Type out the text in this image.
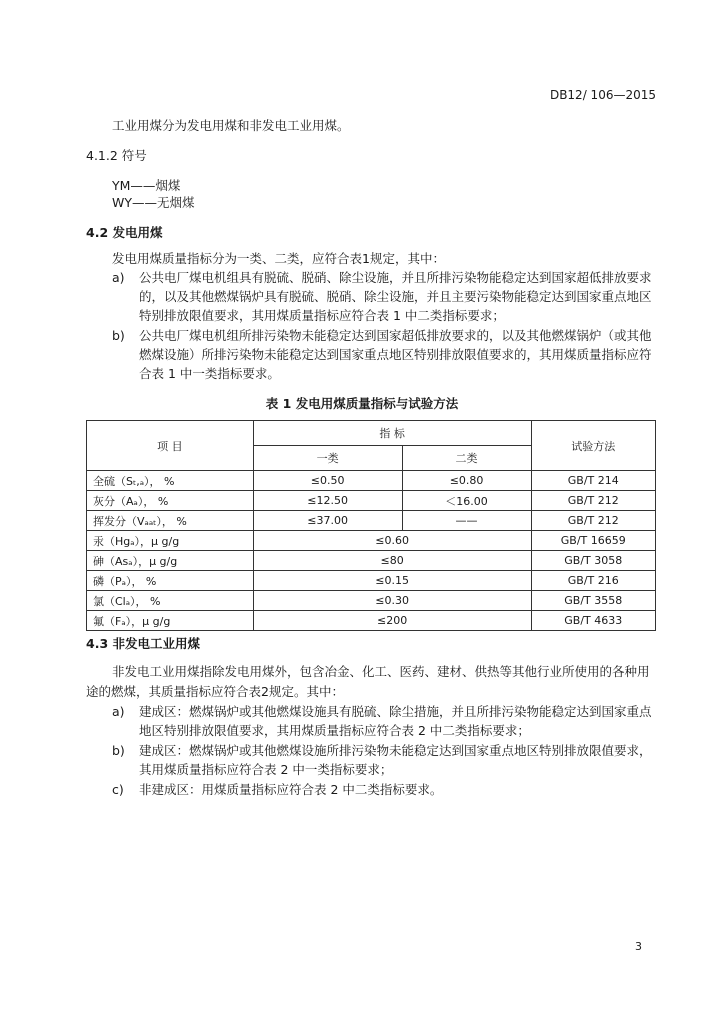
DB12/ 106—2015
工业用煤分为发电用煤和非发电工业用煤。
4.1.2 符号
YM——烟煤
WY——无烟煤
4.2 发电用煤
发电用煤质量指标分为一类、二类，应符合表1规定，其中：
a) 公共电厂煤电机组具有脱硫、脱硝、除尘设施，并且所排污染物能稳定达到国家超低排放要求
的，以及其他燃煤锅炉具有脱硫、脱硝、除尘设施，并且主要污染物能稳定达到国家重点地区
特别排放限值要求，其用煤质量指标应符合表 1 中二类指标要求；
b) 公共电厂煤电机组所排污染物未能稳定达到国家超低排放要求的，以及其他燃煤锅炉（或其他
燃煤设施）所排污染物未能稳定达到国家重点地区特别排放限值要求的，其用煤质量指标应符
合表 1 中一类指标要求。
表 1 发电用煤质量指标与试验方法
项 目	指 标		试验方法
	一类	二类	
全硫（Sₜ,ₐ）， %	≤0.50	≤0.80	GB/T 214
灰分（Aₐ）， %	≤12.50	＜16.00	GB/T 212
挥发分（Vₐₐₜ）， %	≤37.00	——	GB/T 212
汞（Hgₐ），μ g/g	≤0.60		GB/T 16659
砷（Asₐ），μ g/g	≤80		GB/T 3058
磷（Pₐ）， %	≤0.15		GB/T 216
氯（Clₐ）， %	≤0.30		GB/T 3558
氟（Fₐ），μ g/g	≤200		GB/T 4633
4.3 非发电工业用煤
非发电工业用煤指除发电用煤外，包含冶金、化工、医药、建材、供热等其他行业所使用的各种用
途的燃煤，其质量指标应符合表2规定。其中：
a) 建成区：燃煤锅炉或其他燃煤设施具有脱硫、除尘措施，并且所排污染物能稳定达到国家重点
地区特别排放限值要求，其用煤质量指标应符合表 2 中二类指标要求；
b) 建成区：燃煤锅炉或其他燃煤设施所排污染物未能稳定达到国家重点地区特别排放限值要求，
其用煤质量指标应符合表 2 中一类指标要求；
c) 非建成区：用煤质量指标应符合表 2 中二类指标要求。
3
